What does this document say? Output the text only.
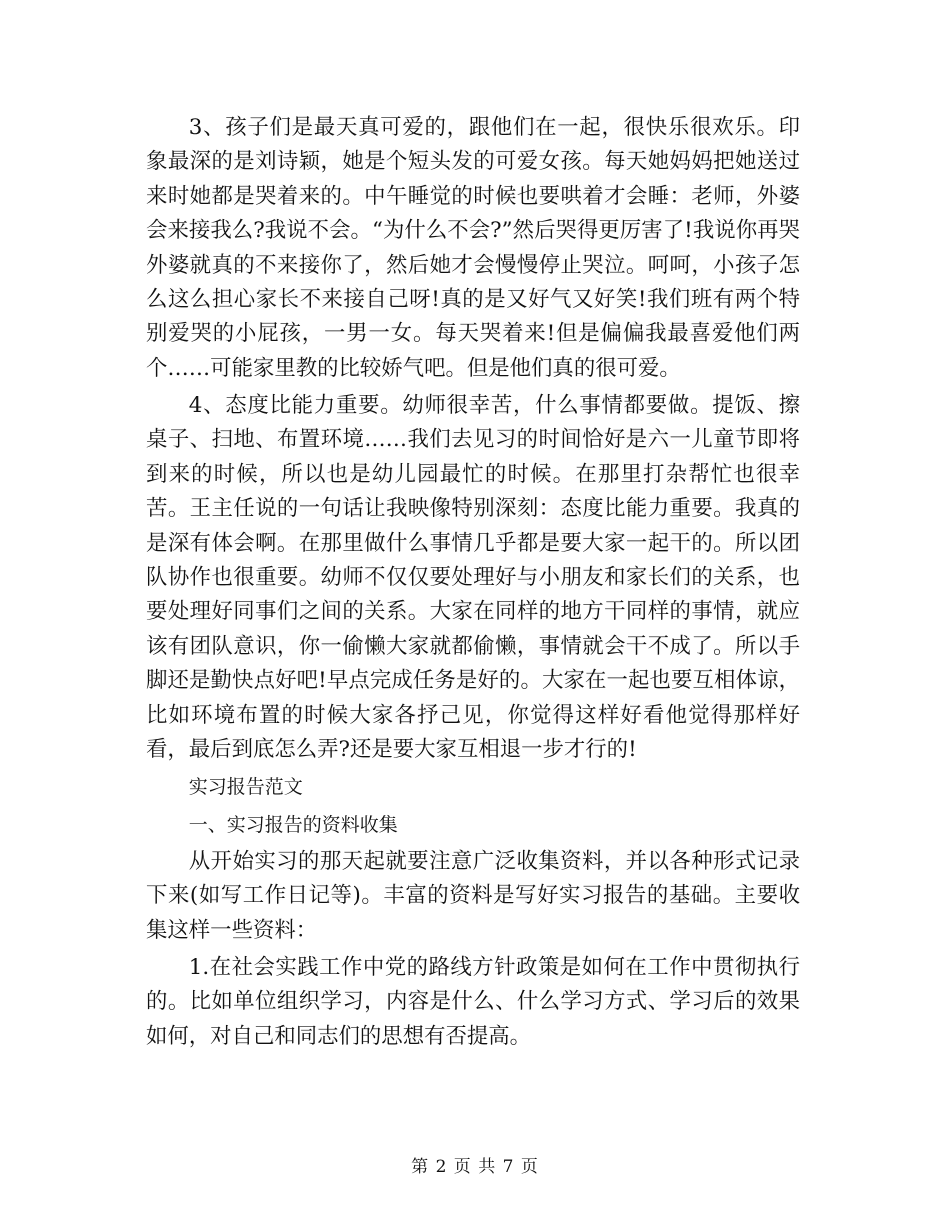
3、孩子们是最天真可爱的，跟他们在一起，很快乐很欢乐。印象最深的是刘诗颖，她是个短头发的可爱女孩。每天她妈妈把她送过来时她都是哭着来的。中午睡觉的时候也要哄着才会睡：老师，外婆会来接我么?我说不会。“为什么不会?”然后哭得更厉害了!我说你再哭外婆就真的不来接你了，然后她才会慢慢停止哭泣。呵呵，小孩子怎么这么担心家长不来接自己呀!真的是又好气又好笑!我们班有两个特别爱哭的小屁孩，一男一女。每天哭着来!但是偏偏我最喜爱他们两个……可能家里教的比较娇气吧。但是他们真的很可爱。

4、态度比能力重要。幼师很幸苦，什么事情都要做。提饭、擦桌子、扫地、布置环境……我们去见习的时间恰好是六一儿童节即将到来的时候，所以也是幼儿园最忙的时候。在那里打杂帮忙也很幸苦。王主任说的一句话让我映像特别深刻：态度比能力重要。我真的是深有体会啊。在那里做什么事情几乎都是要大家一起干的。所以团队协作也很重要。幼师不仅仅要处理好与小朋友和家长们的关系，也要处理好同事们之间的关系。大家在同样的地方干同样的事情，就应该有团队意识，你一偷懒大家就都偷懒，事情就会干不成了。所以手脚还是勤快点好吧!早点完成任务是好的。大家在一起也要互相体谅，比如环境布置的时候大家各抒己见，你觉得这样好看他觉得那样好看，最后到底怎么弄?还是要大家互相退一步才行的!

实习报告范文

一、实习报告的资料收集

从开始实习的那天起就要注意广泛收集资料，并以各种形式记录下来(如写工作日记等)。丰富的资料是写好实习报告的基础。主要收集这样一些资料：

1.在社会实践工作中党的路线方针政策是如何在工作中贯彻执行的。比如单位组织学习，内容是什么、什么学习方式、学习后的效果如何，对自己和同志们的思想有否提高。

第 2 页 共 7 页
